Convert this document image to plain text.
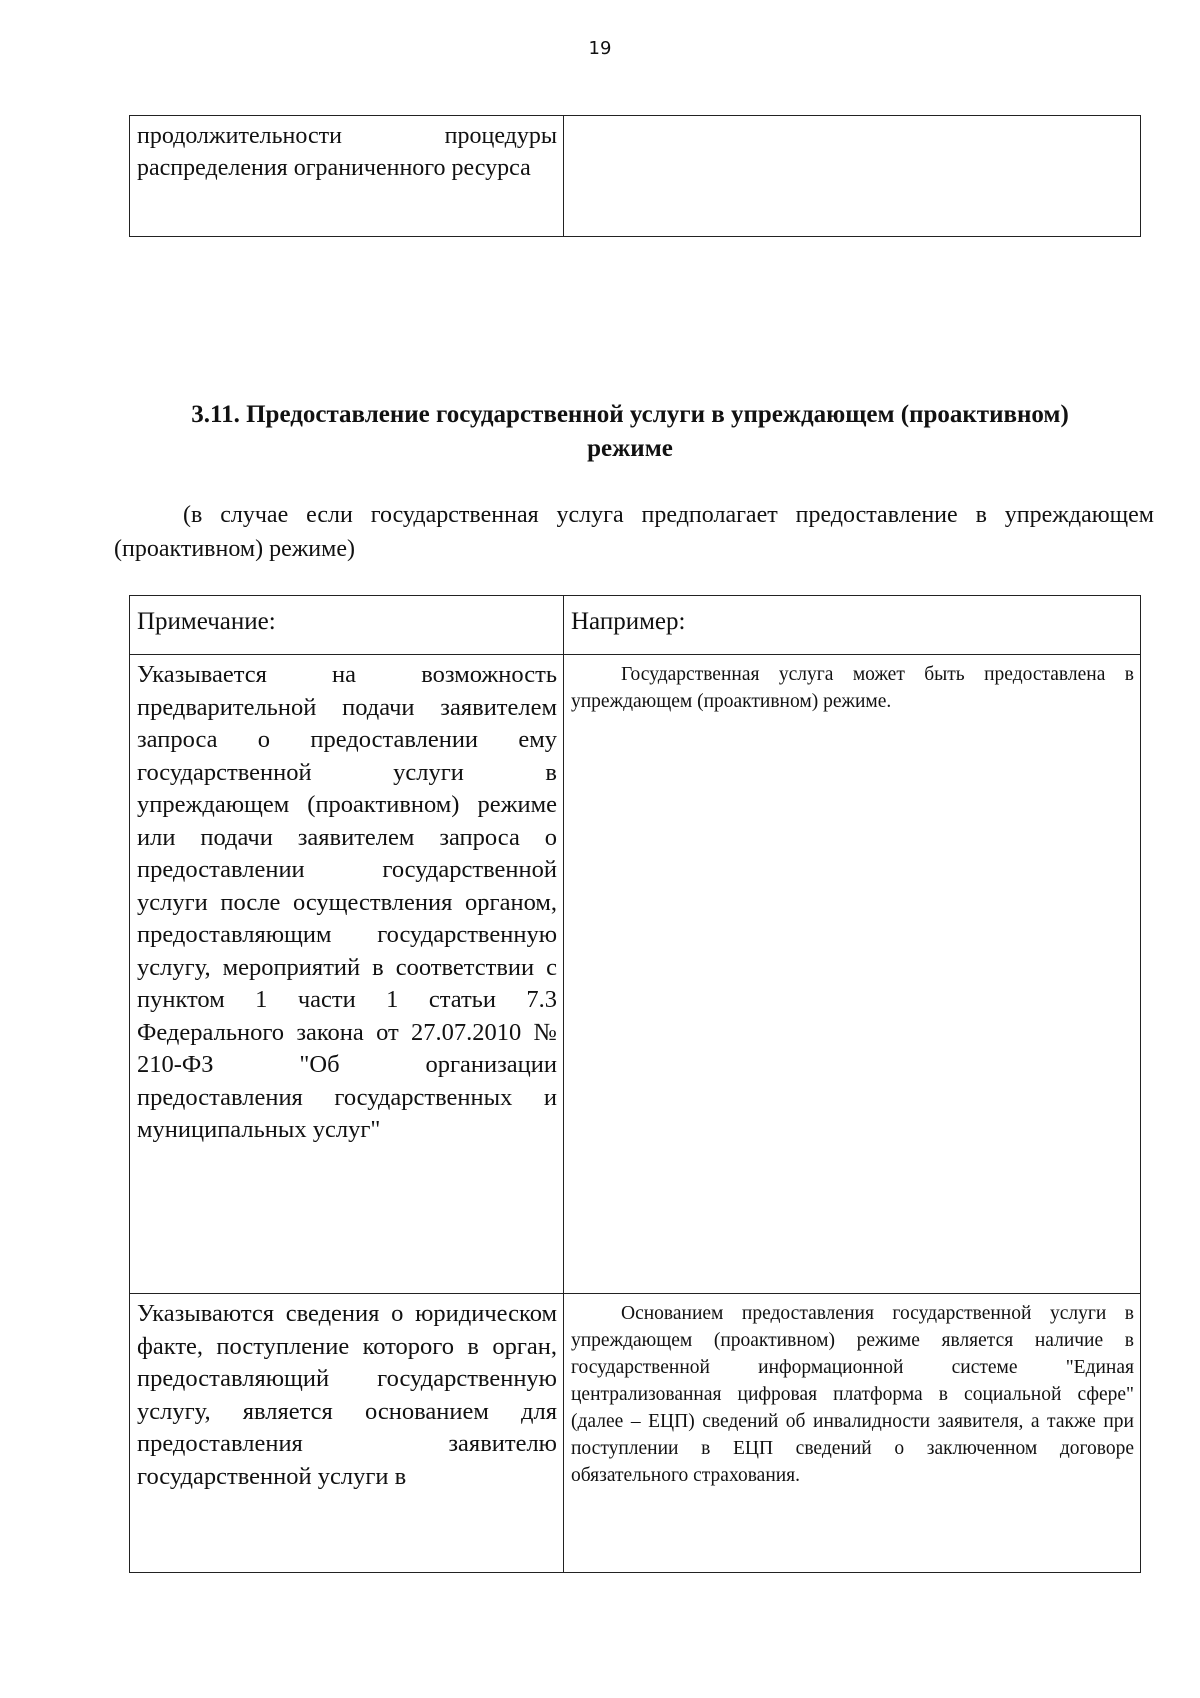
19
продолжительности процедуры распределения ограниченного ресурса

3.11. Предоставление государственной услуги в упреждающем (проактивном) режиме
(в случае если государственная услуга предполагает предоставление в упреждающем (проактивном) режиме)
Примечание:	Например:
Указывается на возможность предварительной подачи заявителем запроса о предоставлении ему государственной услуги в упреждающем (проактивном) режиме или подачи заявителем запроса о предоставлении государственной услуги после осуществления органом, предоставляющим государственную услугу, мероприятий в соответствии с пунктом 1 части 1 статьи 7.3 Федерального закона от 27.07.2010 № 210-ФЗ "Об организации предоставления государственных и муниципальных услуг"	Государственная услуга может быть предоставлена в упреждающем (проактивном) режиме.
Указываются сведения о юридическом факте, поступление которого в орган, предоставляющий государственную услугу, является основанием для предоставления заявителю государственной услуги в	Основанием предоставления государственной услуги в упреждающем (проактивном) режиме является наличие в государственной информационной системе "Единая централизованная цифровая платформа в социальной сфере" (далее – ЕЦП) сведений об инвалидности заявителя, а также при поступлении в ЕЦП сведений о заключенном договоре обязательного страхования.
